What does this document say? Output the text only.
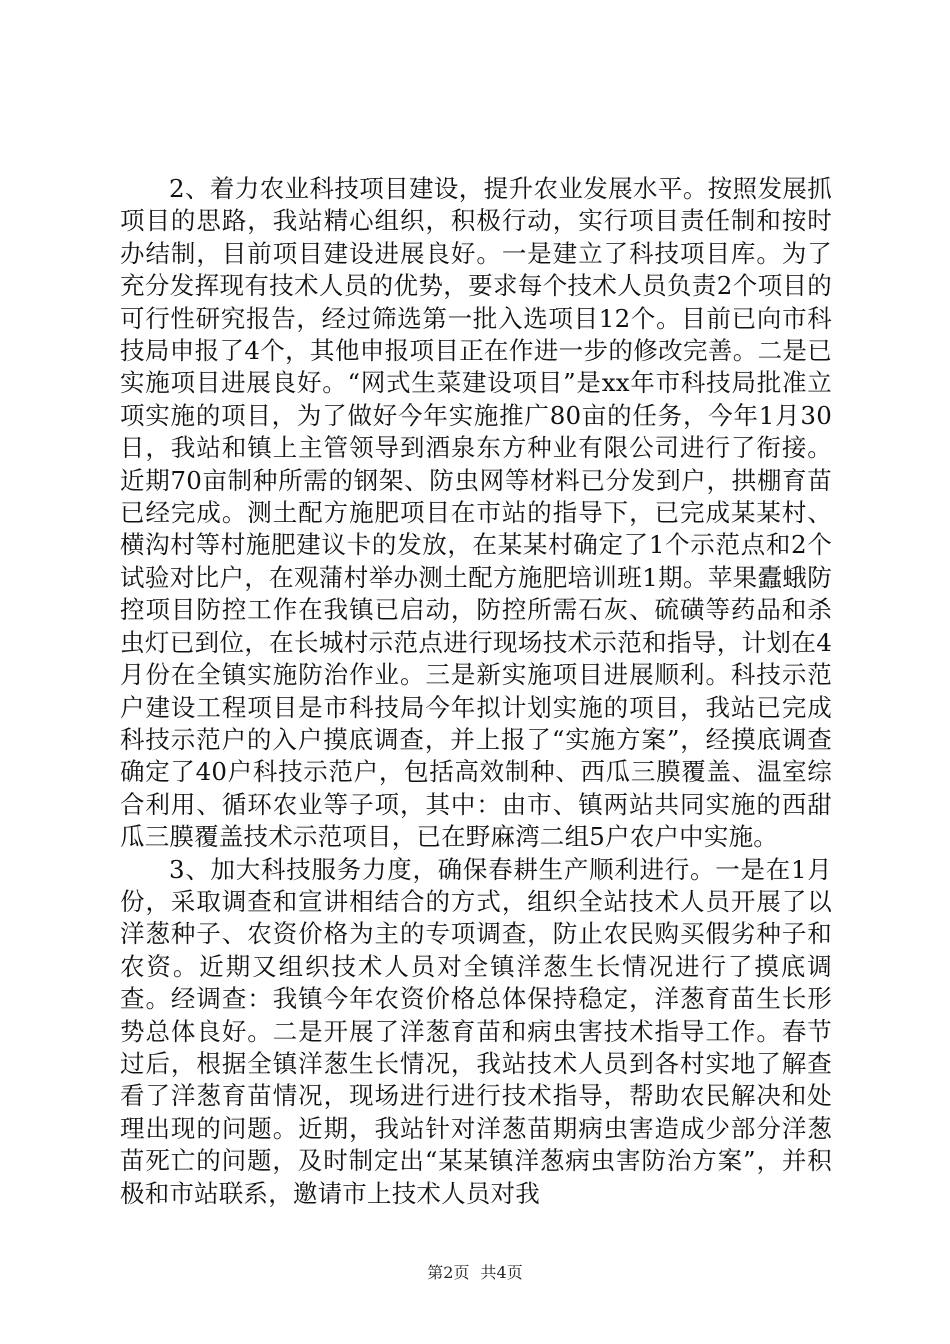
2、着力农业科技项目建设，提升农业发展水平。按照发展抓项目的思路，我站精心组织，积极行动，实行项目责任制和按时办结制，目前项目建设进展良好。一是建立了科技项目库。为了充分发挥现有技术人员的优势，要求每个技术人员负责2个项目的可行性研究报告，经过筛选第一批入选项目12个。目前已向市科技局申报了4个，其他申报项目正在作进一步的修改完善。二是已实施项目进展良好。“网式生菜建设项目”是xx年市科技局批准立项实施的项目，为了做好今年实施推广80亩的任务，今年1月30日，我站和镇上主管领导到酒泉东方种业有限公司进行了衔接。近期70亩制种所需的钢架、防虫网等材料已分发到户，拱棚育苗已经完成。测土配方施肥项目在市站的指导下，已完成某某村、横沟村等村施肥建议卡的发放，在某某村确定了1个示范点和2个试验对比户，在观蒲村举办测土配方施肥培训班1期。苹果蠹蛾防控项目防控工作在我镇已启动，防控所需石灰、硫磺等药品和杀虫灯已到位，在长城村示范点进行现场技术示范和指导，计划在4月份在全镇实施防治作业。三是新实施项目进展顺利。科技示范户建设工程项目是市科技局今年拟计划实施的项目，我站已完成科技示范户的入户摸底调查，并上报了“实施方案”，经摸底调查确定了40户科技示范户，包括高效制种、西瓜三膜覆盖、温室综合利用、循环农业等子项，其中：由市、镇两站共同实施的西甜瓜三膜覆盖技术示范项目，已在野麻湾二组5户农户中实施。

3、加大科技服务力度，确保春耕生产顺利进行。一是在1月份，采取调查和宣讲相结合的方式，组织全站技术人员开展了以洋葱种子、农资价格为主的专项调查，防止农民购买假劣种子和农资。近期又组织技术人员对全镇洋葱生长情况进行了摸底调查。经调查：我镇今年农资价格总体保持稳定，洋葱育苗生长形势总体良好。二是开展了洋葱育苗和病虫害技术指导工作。春节过后，根据全镇洋葱生长情况，我站技术人员到各村实地了解查看了洋葱育苗情况，现场进行进行技术指导，帮助农民解决和处理出现的问题。近期，我站针对洋葱苗期病虫害造成少部分洋葱苗死亡的问题，及时制定出“某某镇洋葱病虫害防治方案”，并积极和市站联系，邀请市上技术人员对我

第2页 共4页
